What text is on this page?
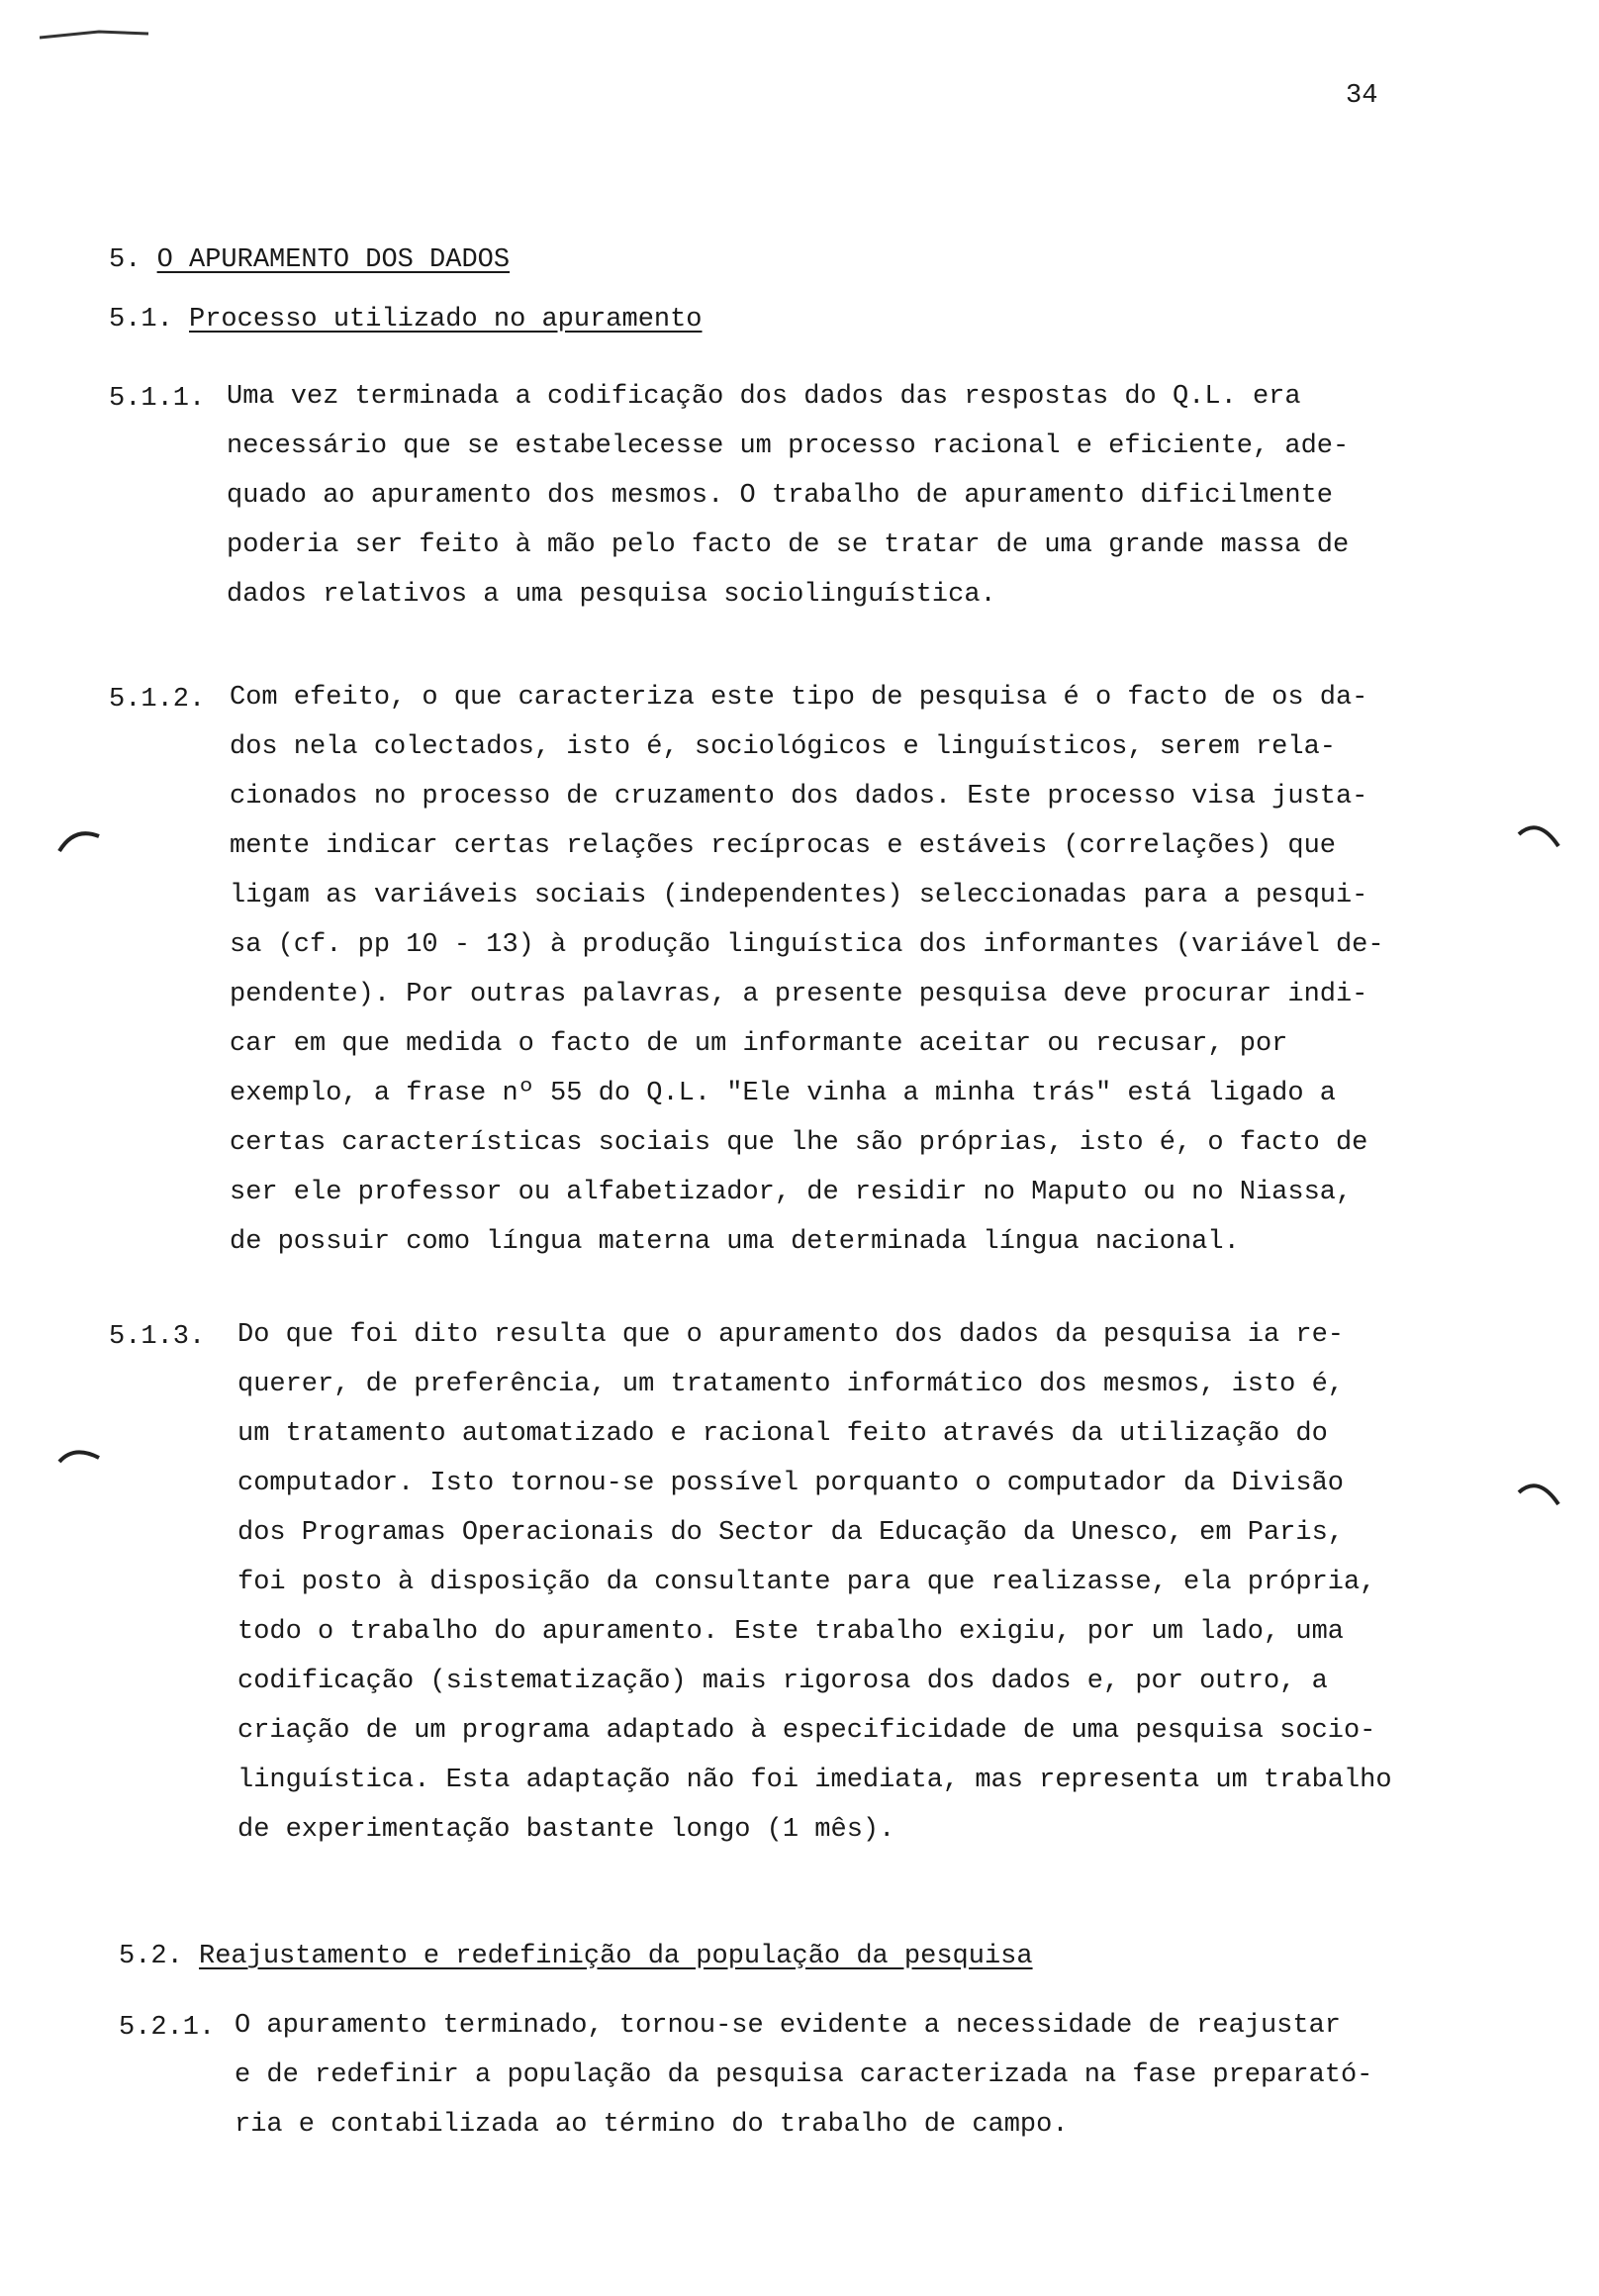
34
5. O APURAMENTO DOS DADOS
5.1. Processo utilizado no apuramento
5.1.1. Uma vez terminada a codificação dos dados das respostas do Q.L. era
necessário que se estabelecesse um processo racional e eficiente, ade-
quado ao apuramento dos mesmos. O trabalho de apuramento dificilmente
poderia ser feito à mão pelo facto de se tratar de uma grande massa de
dados relativos a uma pesquisa sociolinguística.
5.1.2. Com efeito, o que caracteriza este tipo de pesquisa é o facto de os da-
dos nela colectados, isto é, sociológicos e linguísticos, serem rela-
cionados no processo de cruzamento dos dados. Este processo visa justa-
mente indicar certas relações recíprocas e estáveis (correlações) que
ligam as variáveis sociais (independentes) seleccionadas para a pesqui-
sa (cf. pp 10 - 13) à produção linguística dos informantes (variável de-
pendente). Por outras palavras, a presente pesquisa deve procurar indi-
car em que medida o facto de um informante aceitar ou recusar, por
exemplo, a frase nº 55 do Q.L. "Ele vinha a minha trás" está ligado a
certas características sociais que lhe são próprias, isto é, o facto de
ser ele professor ou alfabetizador, de residir no Maputo ou no Niassa,
de possuir como língua materna uma determinada língua nacional.
5.1.3. Do que foi dito resulta que o apuramento dos dados da pesquisa ia re-
querer, de preferência, um tratamento informático dos mesmos, isto é,
um tratamento automatizado e racional feito através da utilização do
computador. Isto tornou-se possível porquanto o computador da Divisão
dos Programas Operacionais do Sector da Educação da Unesco, em Paris,
foi posto à disposição da consultante para que realizasse, ela própria,
todo o trabalho do apuramento. Este trabalho exigiu, por um lado, uma
codificação (sistematização) mais rigorosa dos dados e, por outro, a
criação de um programa adaptado à especificidade de uma pesquisa socio-
linguística. Esta adaptação não foi imediata, mas representa um trabalho
de experimentação bastante longo (1 mês).
5.2. Reajustamento e redefinição da população da pesquisa
5.2.1. O apuramento terminado, tornou-se evidente a necessidade de reajustar
e de redefinir a população da pesquisa caracterizada na fase preparató-
ria e contabilizada ao término do trabalho de campo.
